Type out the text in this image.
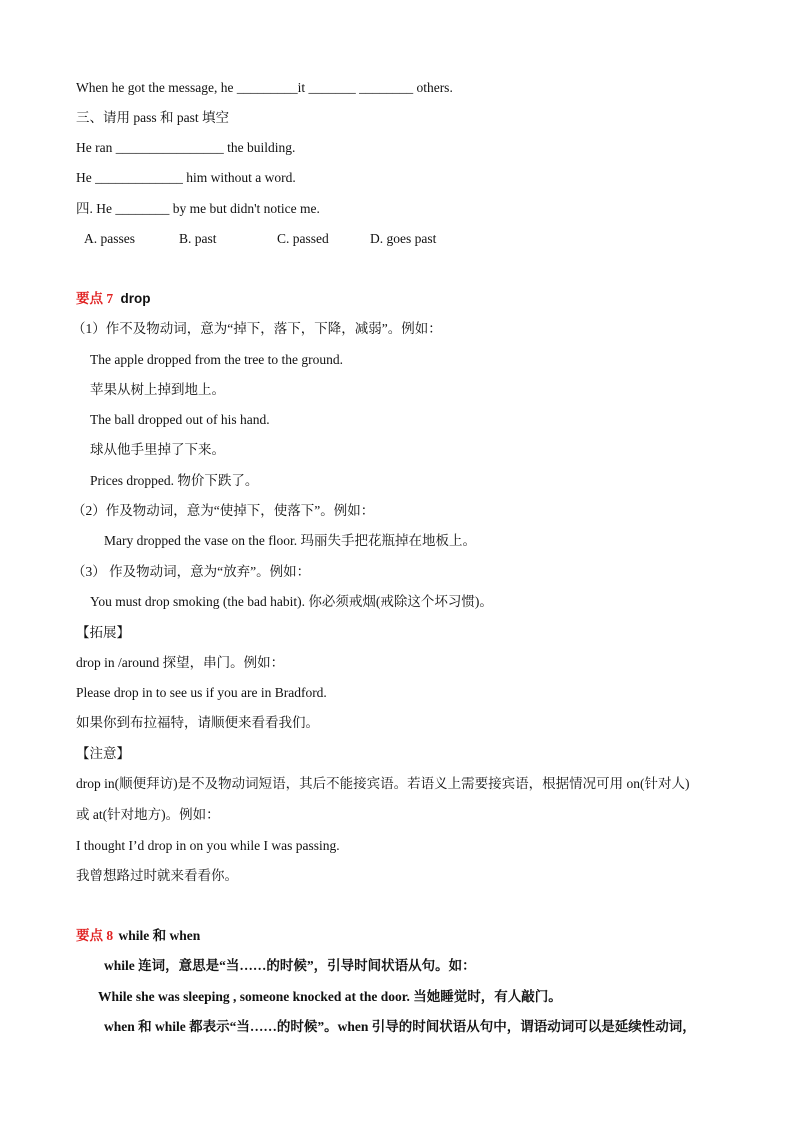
When he got the message, he _________it _______ ________ others.
三、请用 pass 和 past 填空
He ran ________________ the building.
He _____________ him without a word.
四. He ________ by me but didn't notice me.
A. passes	B. past	C. passed	D. goes past
要点 7 drop
（1）作不及物动词，意为“掉下，落下，下降，减弱”。例如：
The apple dropped from the tree to the ground.
苹果从树上掉到地上。
The ball dropped out of his hand.
球从他手里掉了下来。
Prices dropped. 物价下跌了。
（2）作及物动词，意为“使掉下，使落下”。例如：
Mary dropped the vase on the floor. 玛丽失手把花瓶掉在地板上。
（3） 作及物动词，意为“放弃”。例如：
You must drop smoking (the bad habit). 你必须戒烟(戒除这个坏习惯)。
【拓展】
drop in /around 探望，串门。例如：
Please drop in to see us if you are in Bradford.
如果你到布拉福特，请顺便来看看我们。
【注意】
drop in(顺便拜访)是不及物动词短语，其后不能接宾语。若语义上需要接宾语，根据情况可用 on(针对人)
或 at(针对地方)。例如：
I thought I’d drop in on you while I was passing.
我曾想路过时就来看看你。
要点 8 while 和 when
while 连词，意思是“当……的时候”，引导时间状语从句。如：
While she was sleeping , someone knocked at the door. 当她睡觉时，有人敲门。
when 和 while 都表示“当……的时候”。when 引导的时间状语从句中，谓语动词可以是延续性动词，
